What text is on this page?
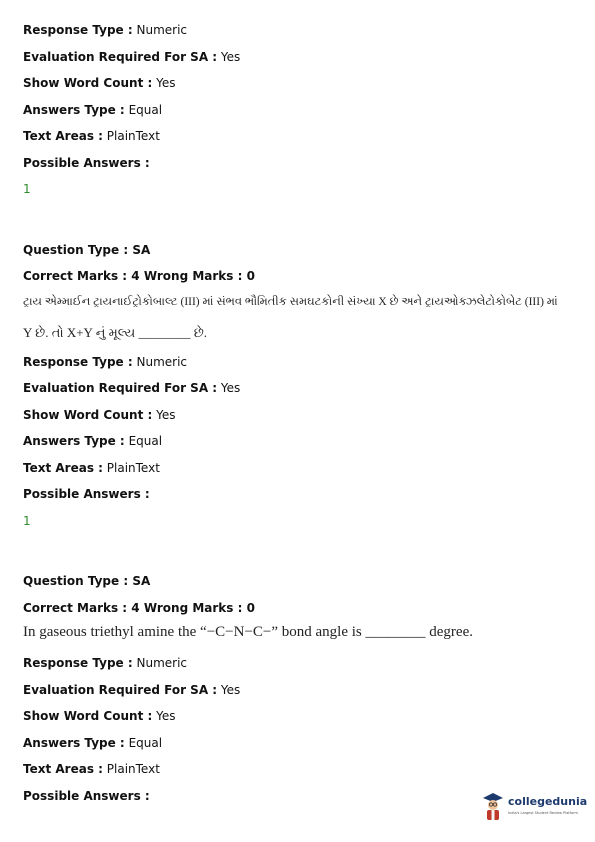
Response Type : Numeric
Evaluation Required For SA : Yes
Show Word Count : Yes
Answers Type : Equal
Text Areas : PlainText
Possible Answers :
1
Question Type : SA
Correct Marks : 4 Wrong Marks : 0
ટ્રાય એમ્માઈન ટ્રાયનાઈટ્રોકોબાલ્ટ (III) માં સંભવ ભૌમિતીક સમઘટકોની સંખ્યા X છે અને ટ્રાયઓક્ઝલેટોકોબેટ (III) માં
Y છે. તો X+Y નું મૂલ્ય ________ છે.
Response Type : Numeric
Evaluation Required For SA : Yes
Show Word Count : Yes
Answers Type : Equal
Text Areas : PlainText
Possible Answers :
1
Question Type : SA
Correct Marks : 4 Wrong Marks : 0
In gaseous triethyl amine the “−C−N−C−” bond angle is ________ degree.
Response Type : Numeric
Evaluation Required For SA : Yes
Show Word Count : Yes
Answers Type : Equal
Text Areas : PlainText
Possible Answers :	collegedunia
India's Largest Student Review Platform
